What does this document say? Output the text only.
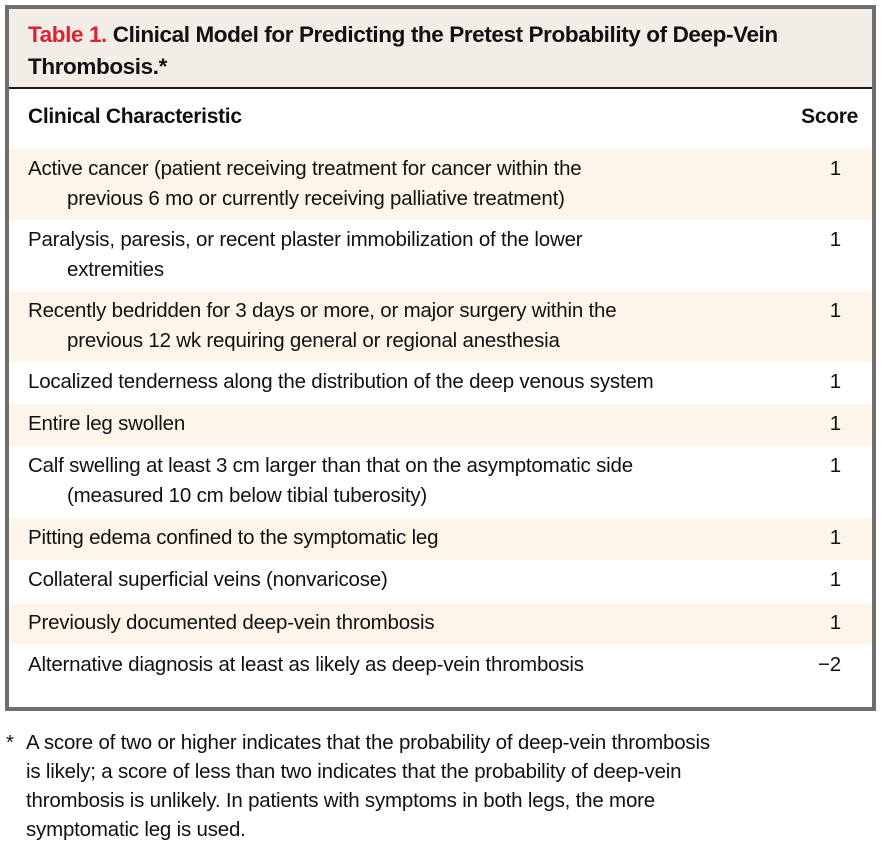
Table 1. Clinical Model for Predicting the Pretest Probability of Deep-Vein
Thrombosis.*
Clinical Characteristic	Score
Active cancer (patient receiving treatment for cancer within the
previous 6 mo or currently receiving palliative treatment)
1
Paralysis, paresis, or recent plaster immobilization of the lower
extremities
1
Recently bedridden for 3 days or more, or major surgery within the
previous 12 wk requiring general or regional anesthesia
1
Localized tenderness along the distribution of the deep venous system	1
Entire leg swollen	1
Calf swelling at least 3 cm larger than that on the asymptomatic side
(measured 10 cm below tibial tuberosity)
1
Pitting edema confined to the symptomatic leg	1
Collateral superficial veins (nonvaricose)	1
Previously documented deep-vein thrombosis	1
Alternative diagnosis at least as likely as deep-vein thrombosis	−2
* A score of two or higher indicates that the probability of deep-vein thrombosis
is likely; a score of less than two indicates that the probability of deep-vein
thrombosis is unlikely. In patients with symptoms in both legs, the more
symptomatic leg is used.
